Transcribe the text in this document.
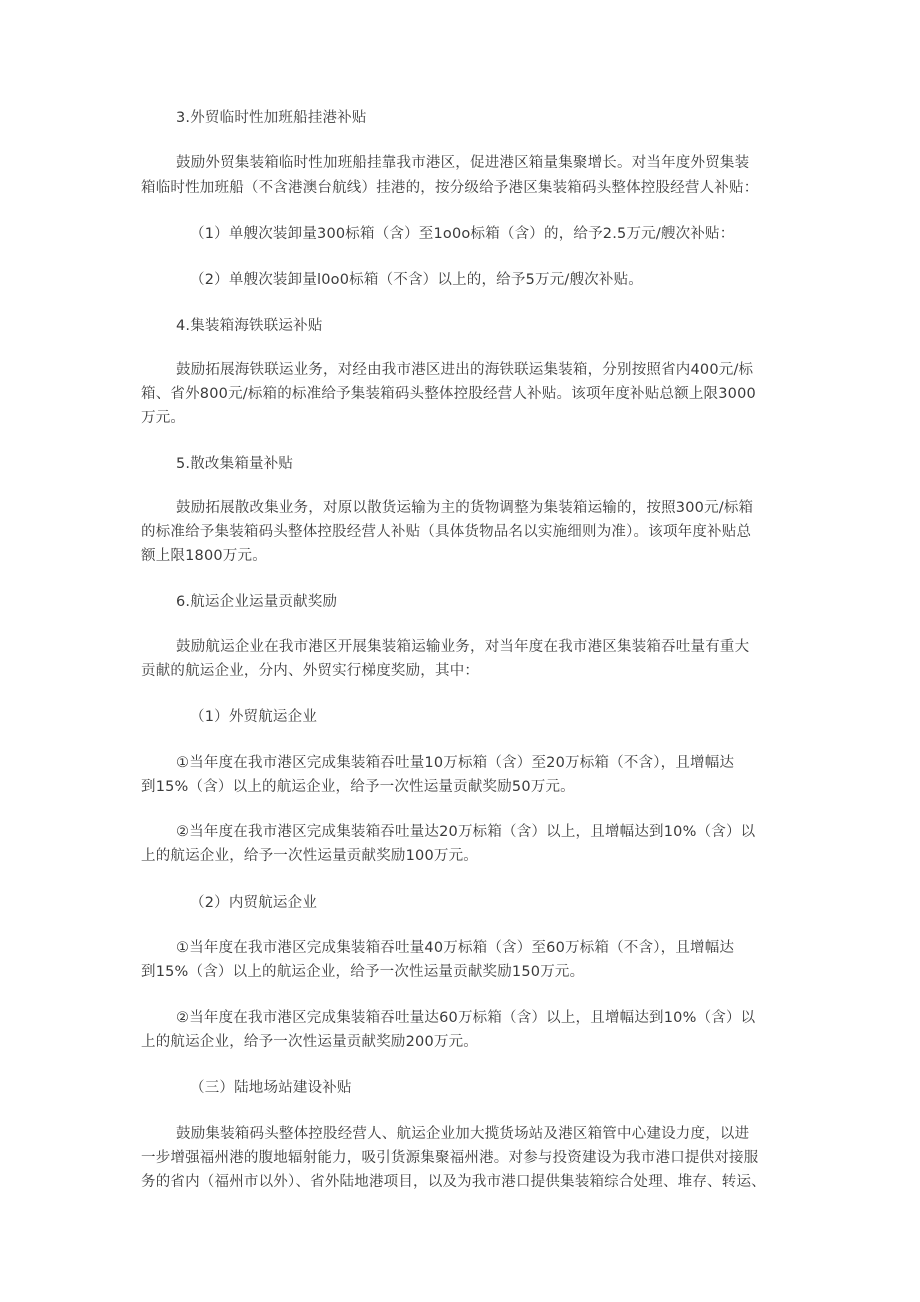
3.外贸临时性加班船挂港补贴
鼓励外贸集装箱临时性加班船挂靠我市港区，促进港区箱量集聚增长。对当年度外贸集装
箱临时性加班船（不含港澳台航线）挂港的，按分级给予港区集装箱码头整体控股经营人补贴：
（1）单艘次装卸量300标箱（含）至1o0o标箱（含）的，给予2.5万元/艘次补贴：
（2）单艘次装卸量l0o0标箱（不含）以上的，给予5万元/艘次补贴。
4.集装箱海铁联运补贴
鼓励拓展海铁联运业务，对经由我市港区进出的海铁联运集装箱，分别按照省内400元/标
箱、省外800元/标箱的标准给予集装箱码头整体控股经营人补贴。该项年度补贴总额上限3000
万元。
5.散改集箱量补贴
鼓励拓展散改集业务，对原以散货运输为主的货物调整为集装箱运输的，按照300元/标箱
的标准给予集装箱码头整体控股经营人补贴（具体货物品名以实施细则为准）。该项年度补贴总
额上限1800万元。
6.航运企业运量贡献奖励
鼓励航运企业在我市港区开展集装箱运输业务，对当年度在我市港区集装箱吞吐量有重大
贡献的航运企业，分内、外贸实行梯度奖励，其中：
（1）外贸航运企业
①当年度在我市港区完成集装箱吞吐量10万标箱（含）至20万标箱（不含），且增幅达
到15%（含）以上的航运企业，给予一次性运量贡献奖励50万元。
②当年度在我市港区完成集装箱吞吐量达20万标箱（含）以上，且增幅达到10%（含）以
上的航运企业，给予一次性运量贡献奖励100万元。
（2）内贸航运企业
①当年度在我市港区完成集装箱吞吐量40万标箱（含）至60万标箱（不含），且增幅达
到15%（含）以上的航运企业，给予一次性运量贡献奖励150万元。
②当年度在我市港区完成集装箱吞吐量达60万标箱（含）以上，且增幅达到10%（含）以
上的航运企业，给予一次性运量贡献奖励200万元。
（三）陆地场站建设补贴
鼓励集装箱码头整体控股经营人、航运企业加大揽货场站及港区箱管中心建设力度，以进
一步增强福州港的腹地辐射能力，吸引货源集聚福州港。对参与投资建设为我市港口提供对接服
务的省内（福州市以外）、省外陆地港项目，以及为我市港口提供集装箱综合处理、堆存、转运、
